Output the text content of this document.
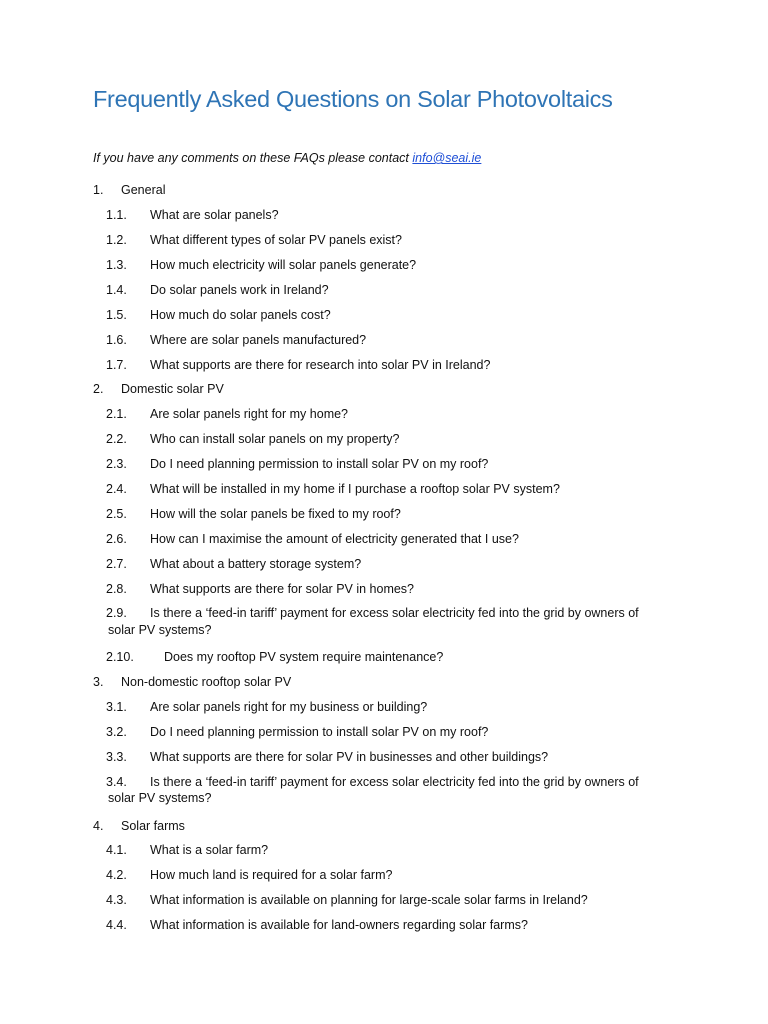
Frequently Asked Questions on Solar Photovoltaics
If you have any comments on these FAQs please contact info@seai.ie
1. General
1.1. What are solar panels?
1.2. What different types of solar PV panels exist?
1.3. How much electricity will solar panels generate?
1.4. Do solar panels work in Ireland?
1.5. How much do solar panels cost?
1.6. Where are solar panels manufactured?
1.7. What supports are there for research into solar PV in Ireland?
2. Domestic solar PV
2.1. Are solar panels right for my home?
2.2. Who can install solar panels on my property?
2.3. Do I need planning permission to install solar PV on my roof?
2.4. What will be installed in my home if I purchase a rooftop solar PV system?
2.5. How will the solar panels be fixed to my roof?
2.6. How can I maximise the amount of electricity generated that I use?
2.7. What about a battery storage system?
2.8. What supports are there for solar PV in homes?
2.9. Is there a ‘feed-in tariff’ payment for excess solar electricity fed into the grid by owners of
solar PV systems?
2.10. Does my rooftop PV system require maintenance?
3. Non-domestic rooftop solar PV
3.1. Are solar panels right for my business or building?
3.2. Do I need planning permission to install solar PV on my roof?
3.3. What supports are there for solar PV in businesses and other buildings?
3.4. Is there a ‘feed-in tariff’ payment for excess solar electricity fed into the grid by owners of
solar PV systems?
4. Solar farms
4.1. What is a solar farm?
4.2. How much land is required for a solar farm?
4.3. What information is available on planning for large-scale solar farms in Ireland?
4.4. What information is available for land-owners regarding solar farms?
